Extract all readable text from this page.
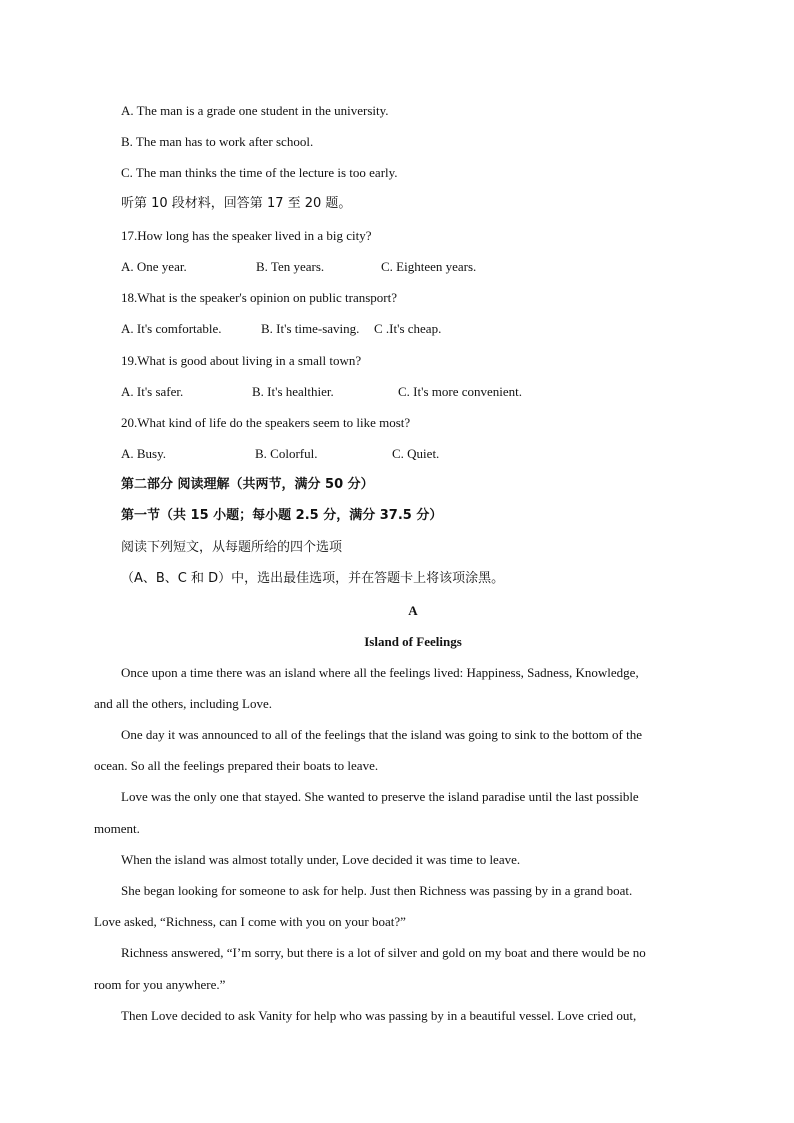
A. The man is a grade one student in the university.
B. The man has to work after school.
C. The man thinks the time of the lecture is too early.
听第 10 段材料，回答第 17 至 20 题。
17.How long has the speaker lived in a big city?
A. One year.	B. Ten years.	C. Eighteen years.
18.What is the speaker's opinion on public transport?
A. It's comfortable.	B. It's time-saving. C .It's cheap.
19.What is good about living in a small town?
A. It's safer.	B. It's healthier.	C. It's more convenient.
20.What kind of life do the speakers seem to like most?
A. Busy.	B. Colorful.	C. Quiet.
第二部分 阅读理解（共两节，满分 50 分）
第一节（共 15 小题；每小题 2.5 分，满分 37.5 分）
阅读下列短文，从每题所给的四个选项
（A、B、C 和 D）中，选出最佳选项，并在答题卡上将该项涂黑。
A
Island of Feelings
Once upon a time there was an island where all the feelings lived: Happiness, Sadness, Knowledge,
and all the others, including Love.
One day it was announced to all of the feelings that the island was going to sink to the bottom of the
ocean. So all the feelings prepared their boats to leave.
Love was the only one that stayed. She wanted to preserve the island paradise until the last possible
moment.
When the island was almost totally under, Love decided it was time to leave.
She began looking for someone to ask for help. Just then Richness was passing by in a grand boat.
Love asked, “Richness, can I come with you on your boat?”
Richness answered, “I’m sorry, but there is a lot of silver and gold on my boat and there would be no
room for you anywhere.”
Then Love decided to ask Vanity for help who was passing by in a beautiful vessel. Love cried out,
